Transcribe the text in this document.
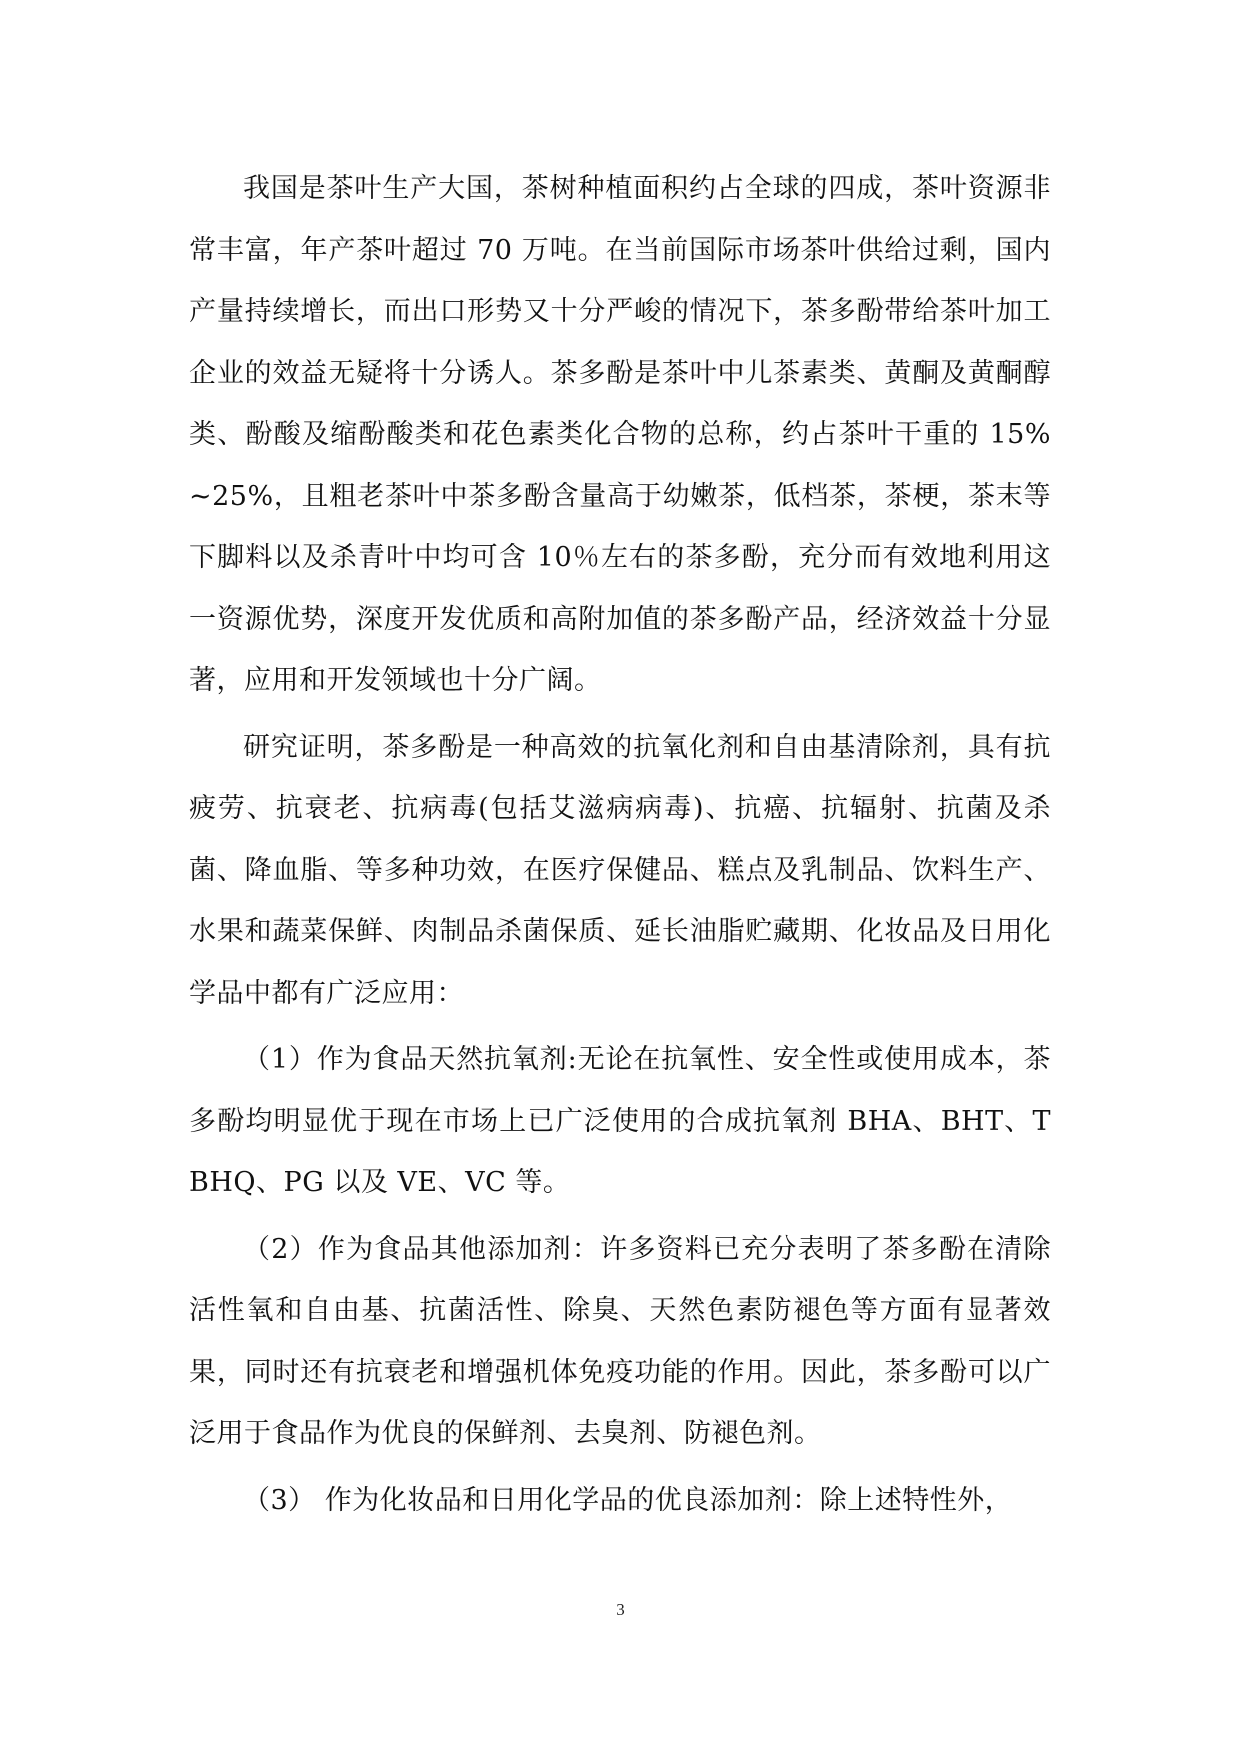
我国是茶叶生产大国，茶树种植面积约占全球的四成，茶叶资源非常丰富，年产茶叶超过 70 万吨。在当前国际市场茶叶供给过剩，国内产量持续增长，而出口形势又十分严峻的情况下，茶多酚带给茶叶加工企业的效益无疑将十分诱人。茶多酚是茶叶中儿茶素类、黄酮及黄酮醇类、酚酸及缩酚酸类和花色素类化合物的总称，约占茶叶干重的 15%~25%，且粗老茶叶中茶多酚含量高于幼嫩茶，低档茶，茶梗，茶末等下脚料以及杀青叶中均可含 10％左右的茶多酚，充分而有效地利用这一资源优势，深度开发优质和高附加值的茶多酚产品，经济效益十分显著，应用和开发领域也十分广阔。

研究证明，茶多酚是一种高效的抗氧化剂和自由基清除剂，具有抗疲劳、抗衰老、抗病毒(包括艾滋病病毒)、抗癌、抗辐射、抗菌及杀菌、降血脂、等多种功效，在医疗保健品、糕点及乳制品、饮料生产、水果和蔬菜保鲜、肉制品杀菌保质、延长油脂贮藏期、化妆品及日用化学品中都有广泛应用：

（1）作为食品天然抗氧剂:无论在抗氧性、安全性或使用成本，茶多酚均明显优于现在市场上已广泛使用的合成抗氧剂 BHA、BHT、TBHQ、PG 以及 VE、VC 等。

（2）作为食品其他添加剂：许多资料已充分表明了茶多酚在清除活性氧和自由基、抗菌活性、除臭、天然色素防褪色等方面有显著效果，同时还有抗衰老和增强机体免疫功能的作用。因此，茶多酚可以广泛用于食品作为优良的保鲜剂、去臭剂、防褪色剂。

（3） 作为化妆品和日用化学品的优良添加剂：除上述特性外，

3
